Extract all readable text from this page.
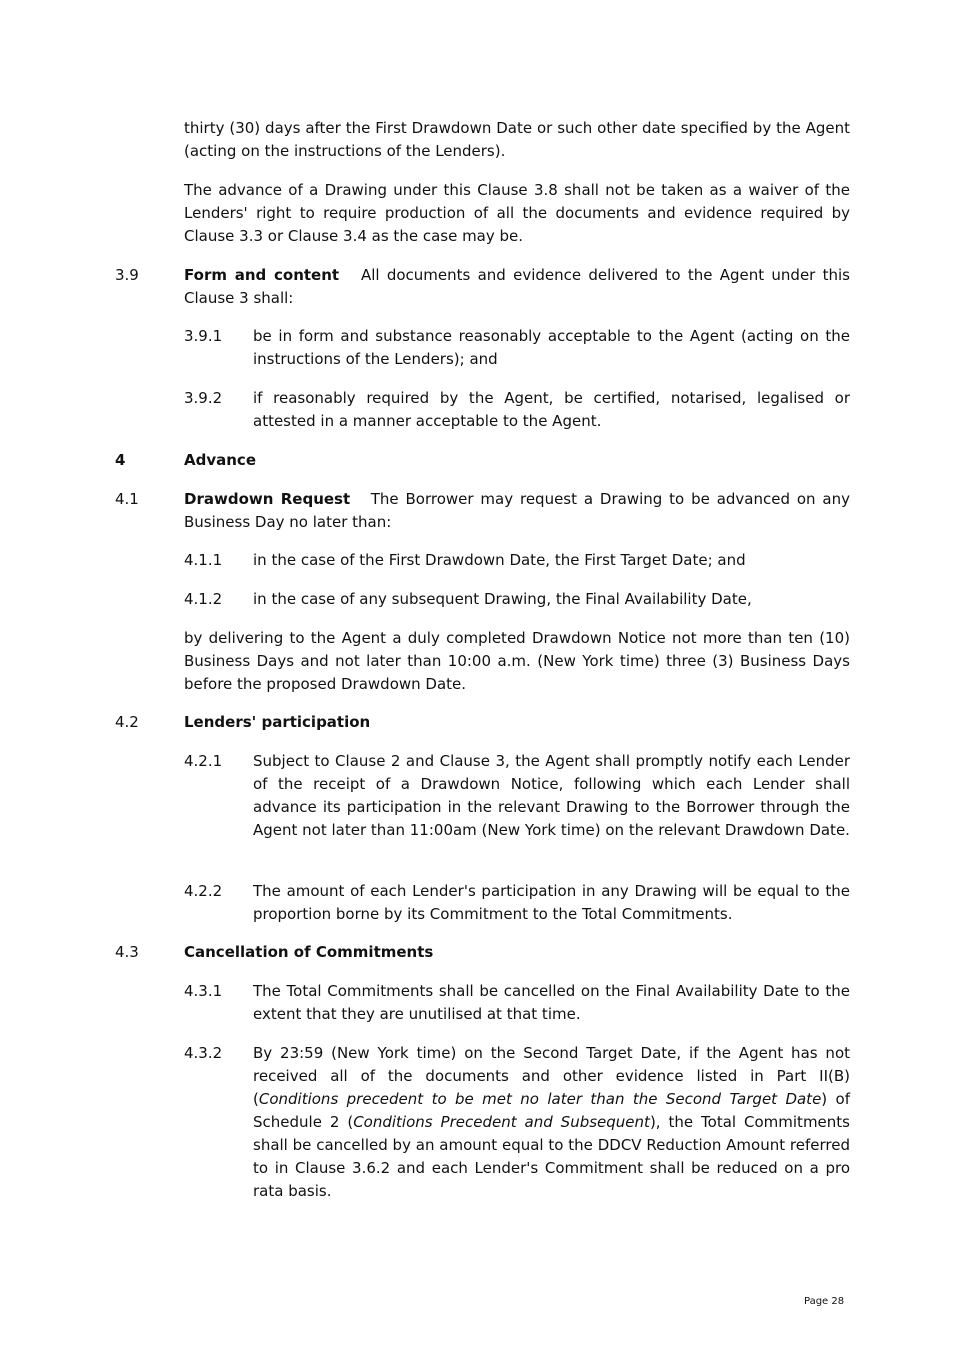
thirty (30) days after the First Drawdown Date or such other date specified by the Agent (acting on the instructions of the Lenders).

The advance of a Drawing under this Clause 3.8 shall not be taken as a waiver of the Lenders' right to require production of all the documents and evidence required by Clause 3.3 or Clause 3.4 as the case may be.

3.9	Form and content All documents and evidence delivered to the Agent under this Clause 3 shall:

3.9.1 be in form and substance reasonably acceptable to the Agent (acting on the instructions of the Lenders); and

3.9.2 if reasonably required by the Agent, be certified, notarised, legalised or attested in a manner acceptable to the Agent.

4	Advance

4.1	Drawdown Request The Borrower may request a Drawing to be advanced on any Business Day no later than:

4.1.1 in the case of the First Drawdown Date, the First Target Date; and

4.1.2 in the case of any subsequent Drawing, the Final Availability Date,

by delivering to the Agent a duly completed Drawdown Notice not more than ten (10) Business Days and not later than 10:00 a.m. (New York time) three (3) Business Days before the proposed Drawdown Date.

4.2	Lenders' participation

4.2.1 Subject to Clause 2 and Clause 3, the Agent shall promptly notify each Lender of the receipt of a Drawdown Notice, following which each Lender shall advance its participation in the relevant Drawing to the Borrower through the Agent not later than 11:00am (New York time) on the relevant Drawdown Date.

4.2.2 The amount of each Lender's participation in any Drawing will be equal to the proportion borne by its Commitment to the Total Commitments.

4.3	Cancellation of Commitments

4.3.1 The Total Commitments shall be cancelled on the Final Availability Date to the extent that they are unutilised at that time.

4.3.2 By 23:59 (New York time) on the Second Target Date, if the Agent has not received all of the documents and other evidence listed in Part II(B) (Conditions precedent to be met no later than the Second Target Date) of Schedule 2 (Conditions Precedent and Subsequent), the Total Commitments shall be cancelled by an amount equal to the DDCV Reduction Amount referred to in Clause 3.6.2 and each Lender's Commitment shall be reduced on a pro rata basis.

Page 28
